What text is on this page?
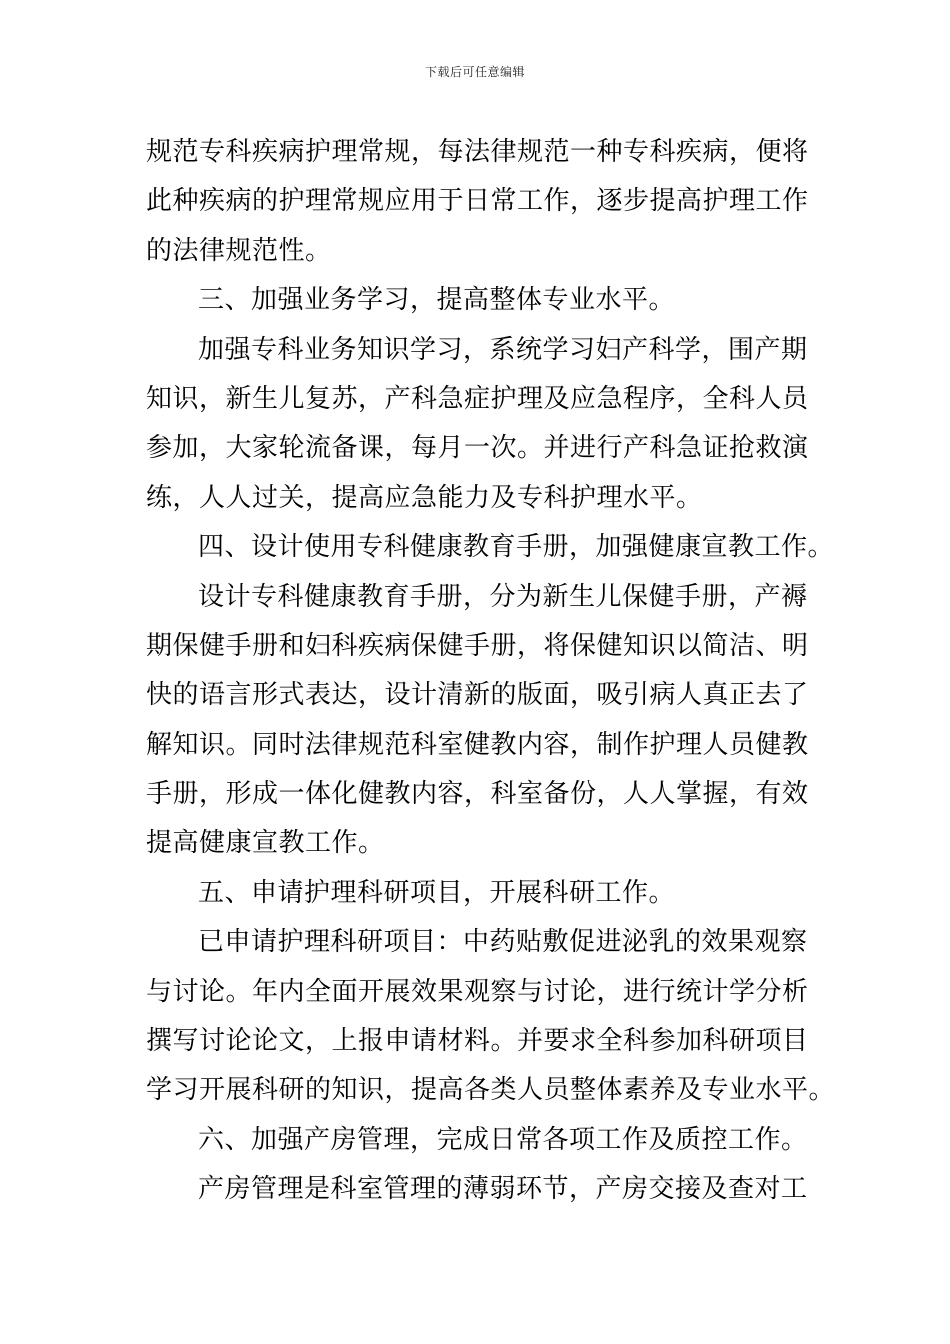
下载后可任意编辑
规范专科疾病护理常规，每法律规范一种专科疾病，便将
此种疾病的护理常规应用于日常工作，逐步提高护理工作
的法律规范性。
三、加强业务学习，提高整体专业水平。
加强专科业务知识学习，系统学习妇产科学，围产期
知识，新生儿复苏，产科急症护理及应急程序，全科人员
参加，大家轮流备课，每月一次。并进行产科急证抢救演
练，人人过关，提高应急能力及专科护理水平。
四、设计使用专科健康教育手册，加强健康宣教工作。
设计专科健康教育手册，分为新生儿保健手册，产褥
期保健手册和妇科疾病保健手册，将保健知识以简洁、明
快的语言形式表达，设计清新的版面，吸引病人真正去了
解知识。同时法律规范科室健教内容，制作护理人员健教
手册，形成一体化健教内容，科室备份，人人掌握，有效
提高健康宣教工作。
五、申请护理科研项目，开展科研工作。
已申请护理科研项目：中药贴敷促进泌乳的效果观察
与讨论。年内全面开展效果观察与讨论，进行统计学分析
撰写讨论论文，上报申请材料。并要求全科参加科研项目
学习开展科研的知识，提高各类人员整体素养及专业水平。
六、加强产房管理，完成日常各项工作及质控工作。
产房管理是科室管理的薄弱环节，产房交接及查对工
